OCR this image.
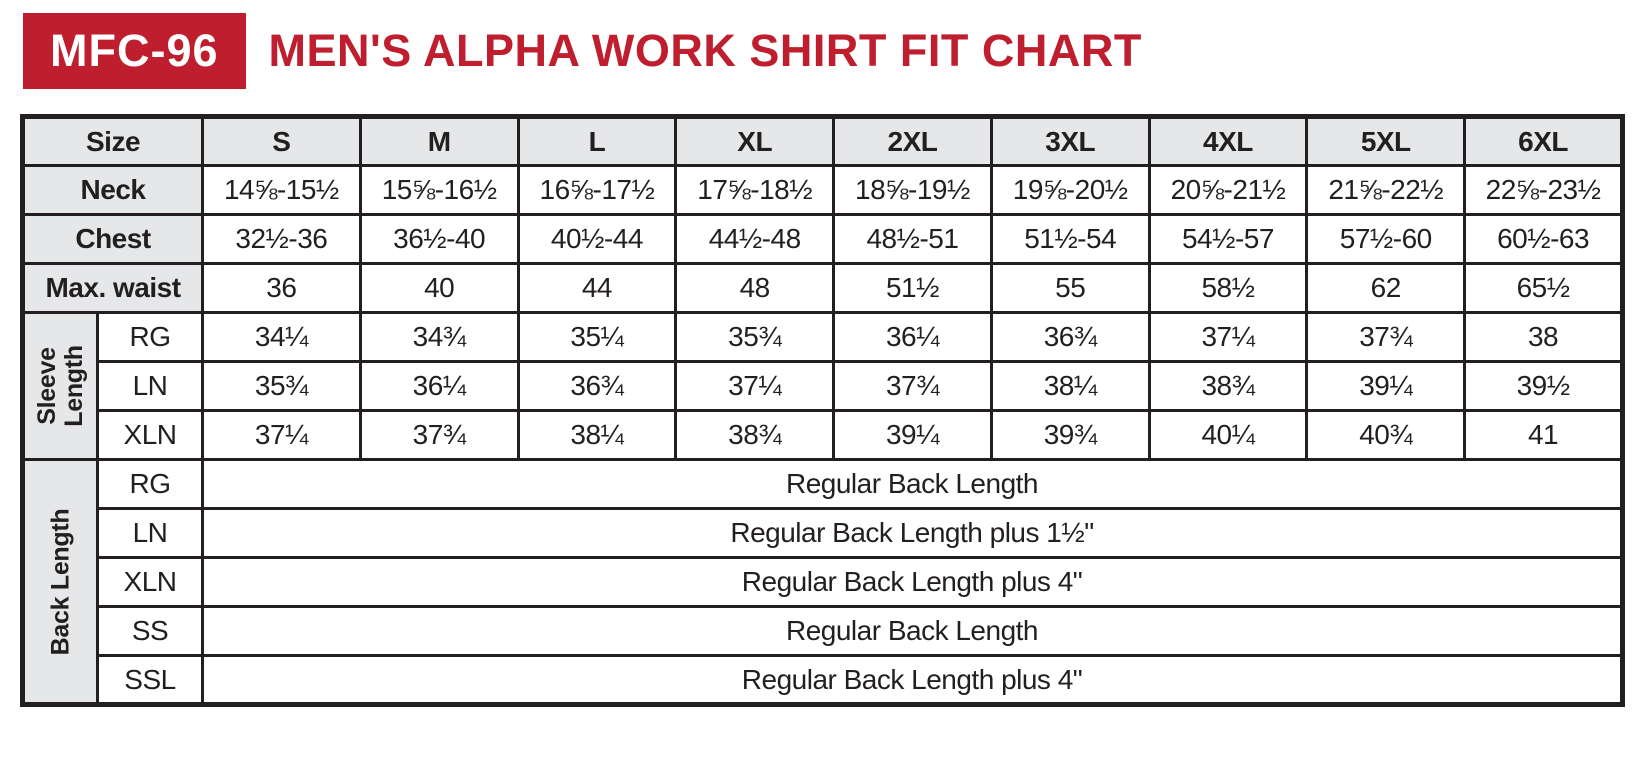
MFC-96	MEN'S ALPHA WORK SHIRT FIT CHART
Size		S	M	L	XL	2XL	3XL	4XL	5XL	6XL
Neck		14⅝-15½	15⅝-16½	16⅝-17½	17⅝-18½	18⅝-19½	19⅝-20½	20⅝-21½	21⅝-22½	22⅝-23½
Chest		32½-36	36½-40	40½-44	44½-48	48½-51	51½-54	54½-57	57½-60	60½-63
Max. waist		36	40	44	48	51½	55	58½	62	65½

Sleeve Length	RG	34¼	34¾	35¼	35¾	36¼	36¾	37¼	37¾	38
	LN	35¾	36¼	36¾	37¼	37¾	38¼	38¾	39¼	39½
	XLN	37¼	37¾	38¼	38¾	39¼	39¾	40¼	40¾	41

Back Length	RG	Regular Back Length								
	LN	Regular Back Length plus 1½"								
	XLN	Regular Back Length plus 4"								
	SS	Regular Back Length								
	SSL	Regular Back Length plus 4"								
